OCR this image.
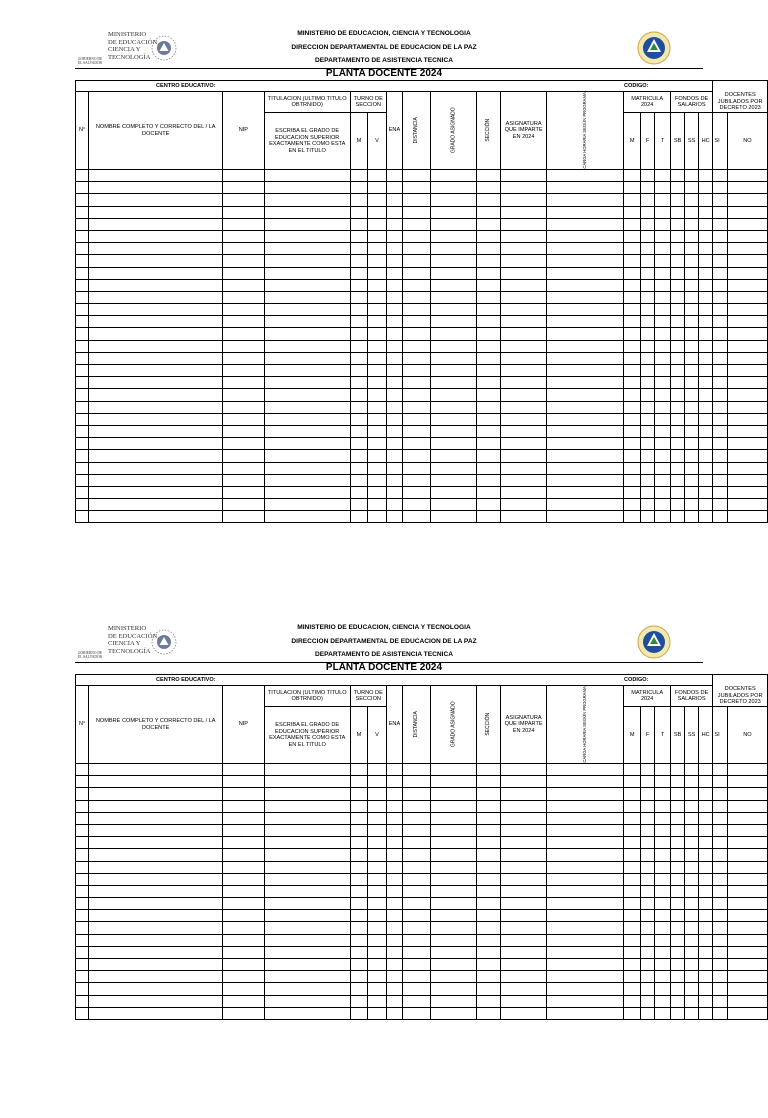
GOBIERNO DE
EL SALVADOR
MINISTERIO
DE EDUCACIÓN,
CIENCIA Y
TECNOLOGÍA
MINISTERIO DE EDUCACION, CIENCIA Y TECNOLOGIA
DIRECCION DEPARTAMENTAL DE EDUCACION DE LA PAZ
DEPARTAMENTO DE ASISTENCIA TECNICA
PLANTA DOCENTE 2024
CENTRO EDUCATIVO:												CODIGO:							
N°	NOMBRE COMPLETO Y CORRECTO DEL / LA DOCENTE	NIP	TITULACION (ULTIMO TITULO OBTRNIDO)	TURNO DE SECCION		ENA	DISTANCIA	GRADO ASIGNADO	SECCIÓN	ASIGNATURA QUE IMPARTE EN 2024	CARGA HORARIA SEGÚN PROGRAMA	MATRICULA 2024			FONDOS DE SALARIOS			DOCENTES JUBILADOS POR DECRETO 2023	
			ESCRIBA EL GRADO DE EDUCACION SUPERIOR EXACTAMENTE COMO ESTA EN EL TITULO	M	V							M	F	T	SB	SS	HC	SI	NO

GOBIERNO DE
EL SALVADOR
MINISTERIO
DE EDUCACIÓN,
CIENCIA Y
TECNOLOGÍA
MINISTERIO DE EDUCACION, CIENCIA Y TECNOLOGIA
DIRECCION DEPARTAMENTAL DE EDUCACION DE LA PAZ
DEPARTAMENTO DE ASISTENCIA TECNICA
PLANTA DOCENTE 2024
CENTRO EDUCATIVO:												CODIGO:							
N°	NOMBRE COMPLETO Y CORRECTO DEL / LA DOCENTE	NIP	TITULACION (ULTIMO TITULO OBTRNIDO)	TURNO DE SECCION		ENA	DISTANCIA	GRADO ASIGNADO	SECCIÓN	ASIGNATURA QUE IMPARTE EN 2024	CARGA HORARIA SEGÚN PROGRAMA	MATRICULA 2024			FONDOS DE SALARIOS			DOCENTES JUBILADOS POR DECRETO 2023	
			ESCRIBA EL GRADO DE EDUCACION SUPERIOR EXACTAMENTE COMO ESTA EN EL TITULO	M	V							M	F	T	SB	SS	HC	SI	NO
